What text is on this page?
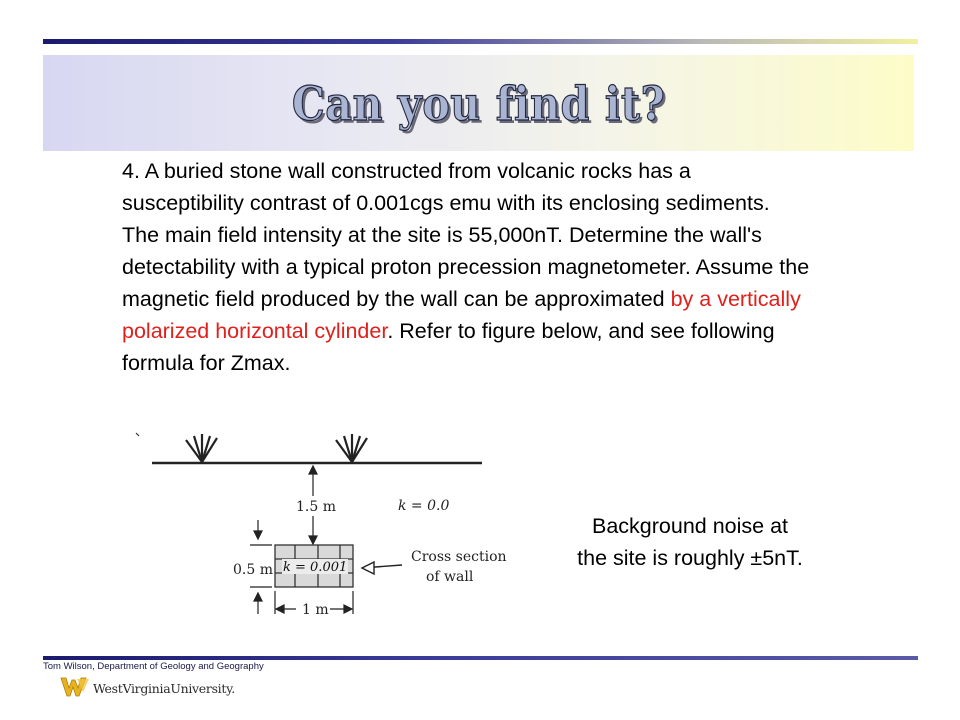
Can you find it?

4. A buried stone wall constructed from volcanic rocks has a susceptibility contrast of 0.001cgs emu with its enclosing sediments. The main field intensity at the site is 55,000nT. Determine the wall's detectability with a typical proton precession magnetometer. Assume the magnetic field produced by the wall can be approximated by a vertically polarized horizontal cylinder. Refer to figure below, and see following formula for Zmax.

1.5 m	k = 0.0
k = 0.001
0.5 m
1 m
Cross section
of wall

Background noise at
the site is roughly ±5nT.

Tom Wilson, Department of Geology and Geography
WestVirginiaUniversity.
